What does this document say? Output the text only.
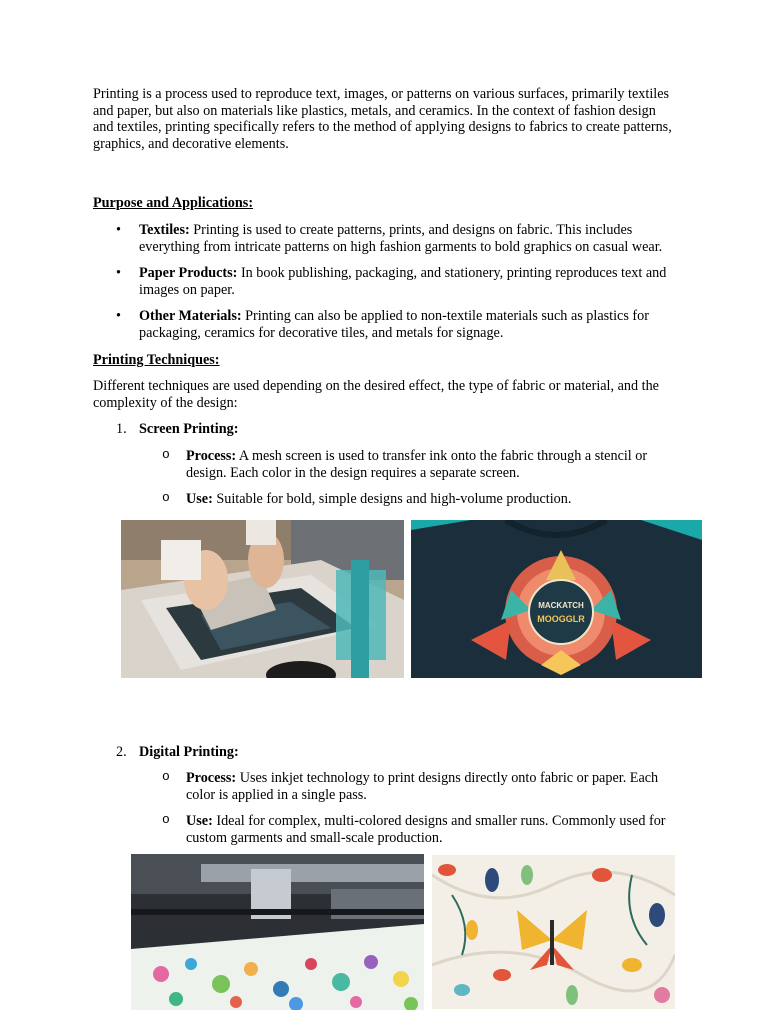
Printing is a process used to reproduce text, images, or patterns on various surfaces, primarily textiles and paper, but also on materials like plastics, metals, and ceramics. In the context of fashion design and textiles, printing specifically refers to the method of applying designs to fabrics to create patterns, graphics, and decorative elements.

Purpose and Applications:

• Textiles: Printing is used to create patterns, prints, and designs on fabric. This includes everything from intricate patterns on high fashion garments to bold graphics on casual wear.
• Paper Products: In book publishing, packaging, and stationery, printing reproduces text and images on paper.
• Other Materials: Printing can also be applied to non-textile materials such as plastics for packaging, ceramics for decorative tiles, and metals for signage.

Printing Techniques:

Different techniques are used depending on the desired effect, the type of fabric or material, and the complexity of the design:

1. Screen Printing:
o Process: A mesh screen is used to transfer ink onto the fabric through a stencil or design. Each color in the design requires a separate screen.
o Use: Suitable for bold, simple designs and high-volume production.
2. Digital Printing:
o Process: Uses inkjet technology to print designs directly onto fabric or paper. Each color is applied in a single pass.
o Use: Ideal for complex, multi-colored designs and smaller runs. Commonly used for custom garments and small-scale production.
MACKATCH
MOOGGLR
